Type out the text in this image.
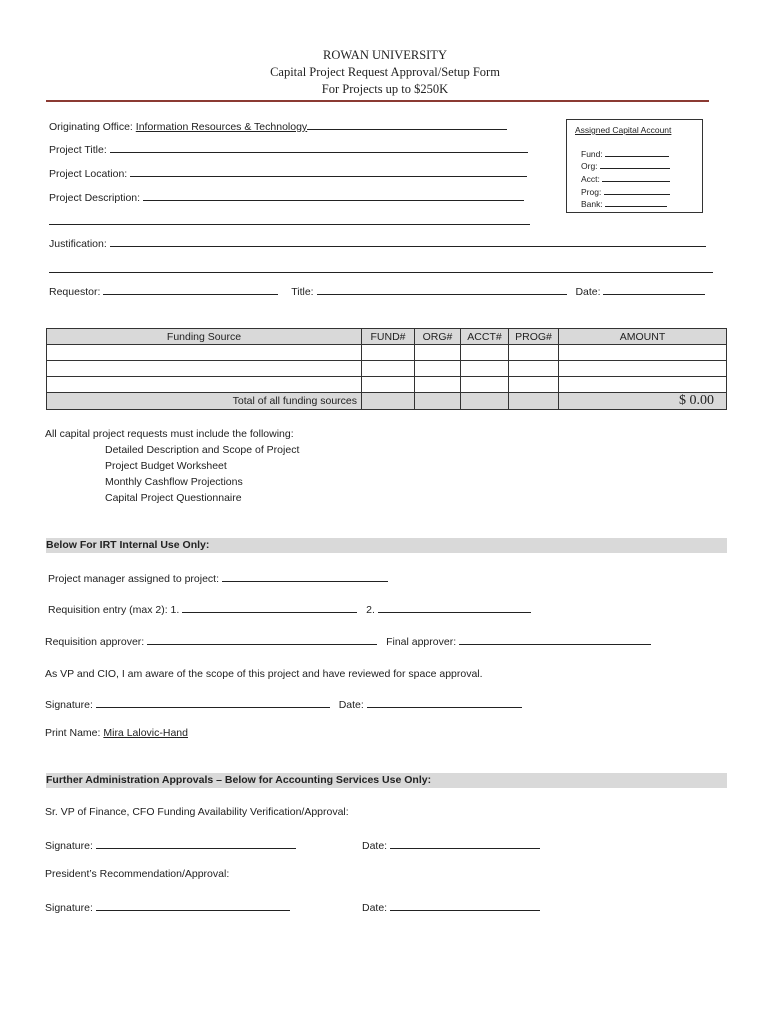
ROWAN UNIVERSITY
Capital Project Request Approval/Setup Form
For Projects up to $250K
Originating Office: Information Resources & Technology
Project Title:
Project Location:
Project Description:
Assigned Capital Account
Fund:
Org:
Acct:
Prog:
Bank:
Justification:
Requestor:	Title:	Date:
Funding Source	FUND#	ORG#	ACCT#	PROG#	AMOUNT

Total of all funding sources					$ 0.00
All capital project requests must include the following:
Detailed Description and Scope of Project
Project Budget Worksheet
Monthly Cashflow Projections
Capital Project Questionnaire
Below For IRT Internal Use Only:
Project manager assigned to project:
Requisition entry (max 2): 1.	2.
Requisition approver:	Final approver:
As VP and CIO, I am aware of the scope of this project and have reviewed for space approval.
Signature:	Date:
Print Name: Mira Lalovic-Hand
Further Administration Approvals – Below for Accounting Services Use Only:
Sr. VP of Finance, CFO Funding Availability Verification/Approval:
Signature:	Date:
President’s Recommendation/Approval:
Signature:	Date:
